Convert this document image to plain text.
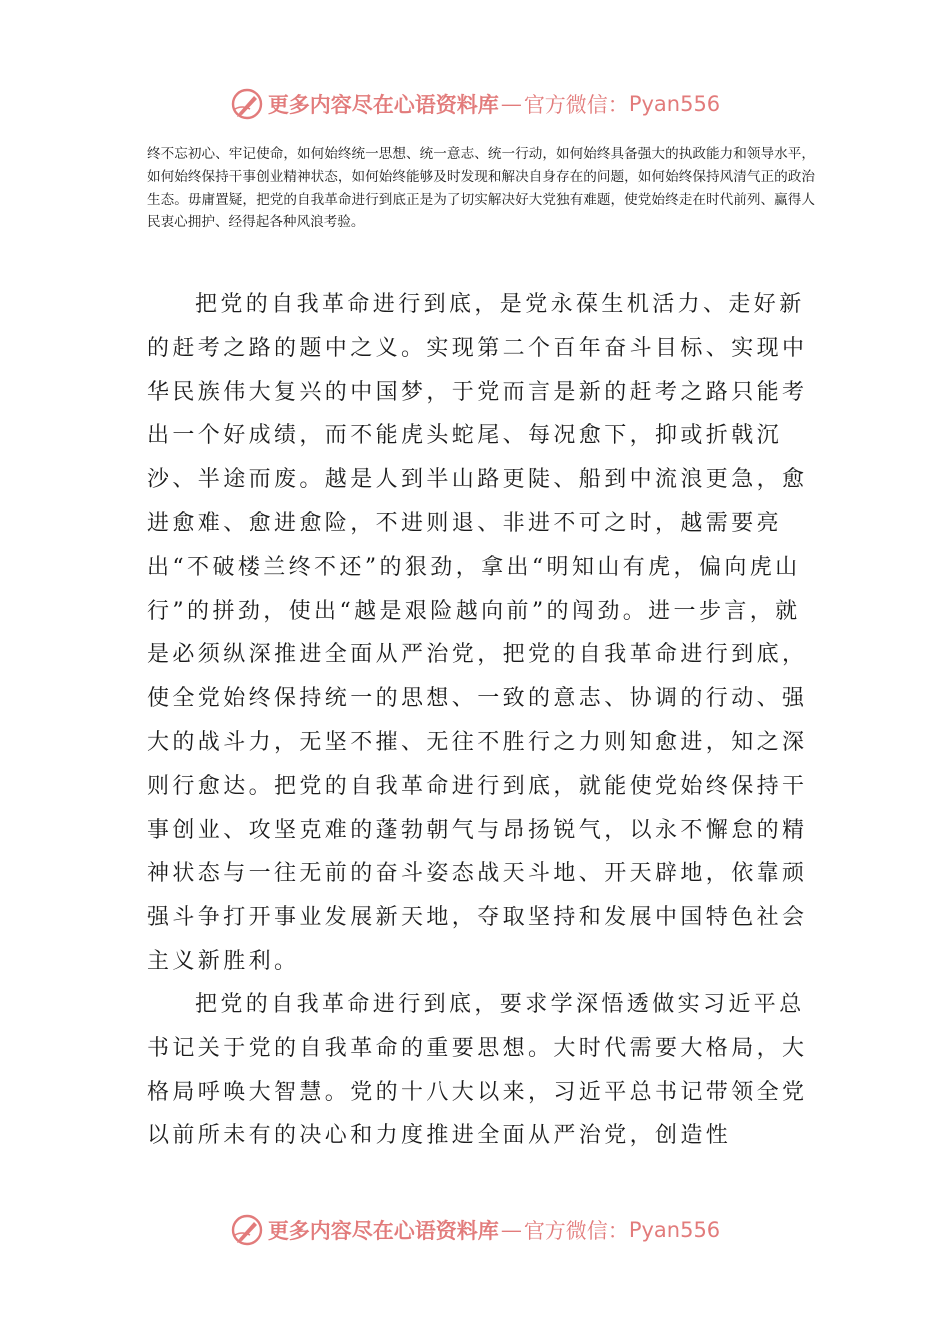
更多内容尽在心语资料库 — 官方微信： Pyan556

终不忘初心、牢记使命，如何始终统一思想、统一意志、统一行动，如何始终具备强大的执政能力和领导水平，如何始终保持干事创业精神状态，如何始终能够及时发现和解决自身存在的问题，如何始终保持风清气正的政治生态。毋庸置疑，把党的自我革命进行到底正是为了切实解决好大党独有难题，使党始终走在时代前列、赢得人民衷心拥护、经得起各种风浪考验。

把党的自我革命进行到底，是党永葆生机活力、走好新的赶考之路的题中之义。实现第二个百年奋斗目标、实现中华民族伟大复兴的中国梦，于党而言是新的赶考之路只能考出一个好成绩，而不能虎头蛇尾、每况愈下，抑或折戟沉沙、半途而废。越是人到半山路更陡、船到中流浪更急，愈进愈难、愈进愈险，不进则退、非进不可之时，越需要亮出“不破楼兰终不还”的狠劲，拿出“明知山有虎，偏向虎山行”的拼劲，使出“越是艰险越向前”的闯劲。进一步言，就是必须纵深推进全面从严治党，把党的自我革命进行到底，使全党始终保持统一的思想、一致的意志、协调的行动、强大的战斗力，无坚不摧、无往不胜行之力则知愈进，知之深则行愈达。把党的自我革命进行到底，就能使党始终保持干事创业、攻坚克难的蓬勃朝气与昂扬锐气，以永不懈怠的精神状态与一往无前的奋斗姿态战天斗地、开天辟地，依靠顽强斗争打开事业发展新天地，夺取坚持和发展中国特色社会主义新胜利。

把党的自我革命进行到底，要求学深悟透做实习近平总书记关于党的自我革命的重要思想。大时代需要大格局，大格局呼唤大智慧。党的十八大以来，习近平总书记带领全党以前所未有的决心和力度推进全面从严治党，创造性

更多内容尽在心语资料库 — 官方微信： Pyan556
